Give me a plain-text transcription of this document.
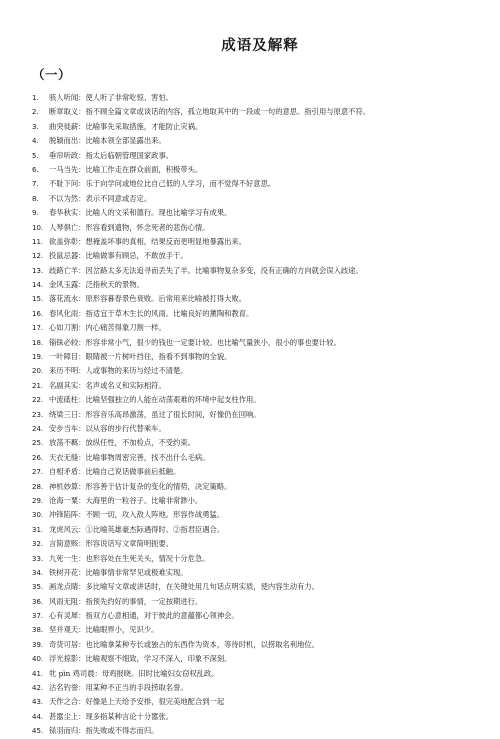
成语及解释
（一）
1.	骇人听闻： 使人听了非常吃惊、害怕。
2.	断章取义： 指不顾全篇文章或谈话的内容，孤立地取其中的一段或一句的意思。指引用与原意不符。
3.	曲突徙薪： 比喻事先采取措施，才能防止灾祸。
4.	脱颖而出： 比喻本领全部显露出来。
5.	垂帘听政： 指太后临朝管理国家政事。
6.	一马当先： 比喻工作走在群众前面，积极带头。
7.	不耻下问： 乐于向学问或地位比自己低的人学习，而不觉得不好意思。
8.	不以为然： 表示不同意或否定。
9.	春华秋实： 比喻人的文采和德行。现也比喻学习有成果。
10. 人琴俱亡： 形容看到遗物，怀念死者的悲伤心情。
11. 欲盖弥彰： 想掩盖坏事的真相，结果反而更明显地暴露出来。
12. 投鼠忌器： 比喻做事有顾忌，不敢放手干。
13. 歧路亡羊： 因岔路太多无法追寻而丢失了羊。比喻事物复杂多变，没有正确的方向就会误入歧途。
14. 金风玉露： 泛指秋天的景物。
15. 落花流水： 原形容暮春景色衰败。后常用来比喻被打得大败。
16. 春风化雨： 指适宜于草木生长的风雨。比喻良好的薰陶和教育。
17. 心如刀割： 内心痛苦得象刀割一样。
18. 锱铢必较： 形容非常小气，很少的钱也一定要计较。也比喻气量狭小，很小的事也要计较。
19. 一叶障目： 眼睛被一片树叶挡住，指看不到事物的全貌。
20. 来历不明： 人或事物的来历与经过不清楚。
21. 名副其实： 名声或名义和实际相符。
22. 中流砥柱： 比喻坚强独立的人能在动荡艰难的环境中起支柱作用。
23. 绕梁三日： 形容音乐高昂激荡，虽过了很长时间，好像仍在回响。
24. 安步当车： 以从容的步行代替乘车。
25. 放荡不羁： 放纵任性，不加检点，不受约束。
26. 天衣无缝： 比喻事物周密完善，找不出什么毛病。
27. 自相矛盾： 比喻自己说话做事前后抵触。
28. 神机妙算： 形容善于估计复杂的变化的情势，决定策略。
29. 沧海一粟： 大海里的一粒谷子。比喻非常渺小。
30. 冲锋陷阵： 不顾一切，攻入敌人阵地。形容作战勇猛。
31. 龙虎风云： ①比喻英雄豪杰际遇得时。②指君臣遇合。
32. 言简意赅： 形容说话写文章简明扼要。
33. 九死一生： 也形容处在生死关头，情况十分危急。
34. 铁树开花： 比喻事情非常罕见或极难实现。
35. 画龙点睛： 多比喻写文章或讲话时，在关键处用几句话点明实质，使内容生动有力。
36. 风雨无阻： 指预先约好的事情，一定按期进行。
37. 心有灵犀： 指双方心意相通，对于彼此的意蕴都心领神会。
38. 坚并观天： 比喻眼界小，见识少。
39. 奇货可居： 也比喻拿某种专长或独占的东西作为资本，等待时机，以捞取名利地位。
40. 浮光掠影： 比喻观察不细致，学习不深入，印象不深刻。
41. 牝 pìn 鸡司晨： 母鸡报晓。旧时比喻妇女窃权乱政。
42. 沽名钓誉： 用某种不正当的手段捞取名誉。
43. 天作之合： 好像是上天给予安排，很完美地配合到一起
44. 甚嚣尘上： 现多指某种言论十分嚣张。
45. 铩羽而归： 指失败或不得志而归。
